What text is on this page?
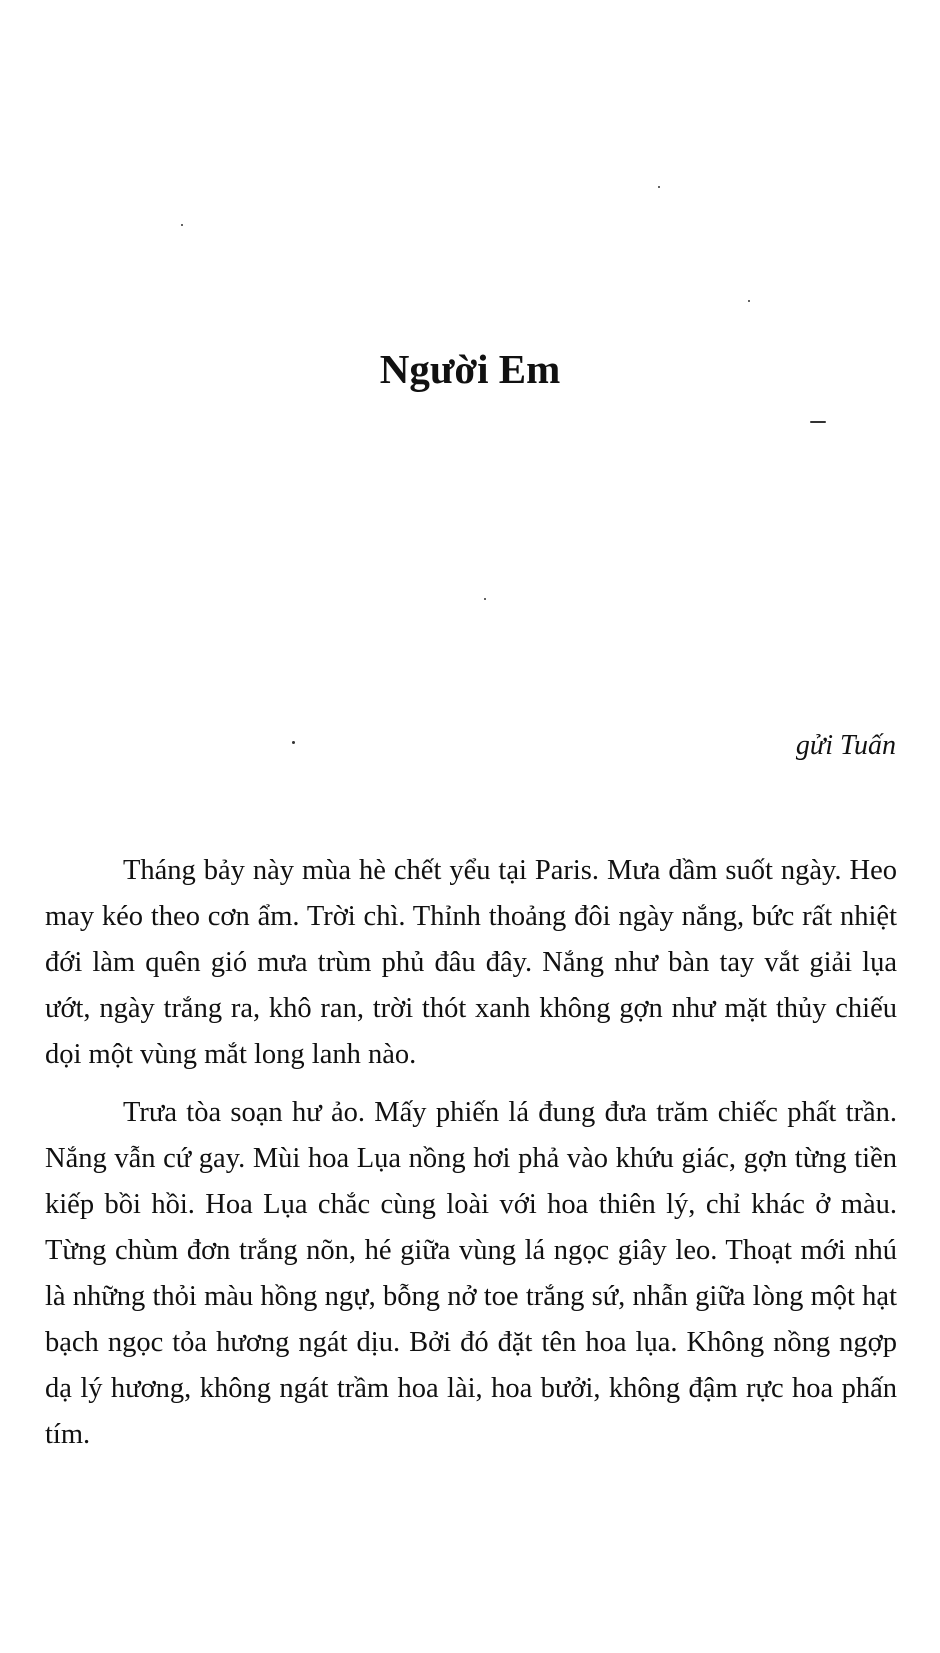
Người Em

gửi Tuấn

Tháng bảy này mùa hè chết yểu tại Paris. Mưa dầm suốt ngày. Heo may kéo theo cơn ẩm. Trời chì. Thỉnh thoảng đôi ngày nắng, bức rất nhiệt đới làm quên gió mưa trùm phủ đâu đây. Nắng như bàn tay vắt giải lụa ướt, ngày trắng ra, khô ran, trời thót xanh không gợn như mặt thủy chiếu dọi một vùng mắt long lanh nào.

Trưa tòa soạn hư ảo. Mấy phiến lá đung đưa trăm chiếc phất trần. Nắng vẫn cứ gay. Mùi hoa Lụa nồng hơi phả vào khứu giác, gợn từng tiền kiếp bồi hồi. Hoa Lụa chắc cùng loài với hoa thiên lý, chỉ khác ở màu. Từng chùm đơn trắng nõn, hé giữa vùng lá ngọc giây leo. Thoạt mới nhú là những thỏi màu hồng ngự, bỗng nở toe trắng sứ, nhẫn giữa lòng một hạt bạch ngọc tỏa hương ngát dịu. Bởi đó đặt tên hoa lụa. Không nồng ngợp dạ lý hương, không ngát trầm hoa lài, hoa bưởi, không đậm rực hoa phấn tím.
